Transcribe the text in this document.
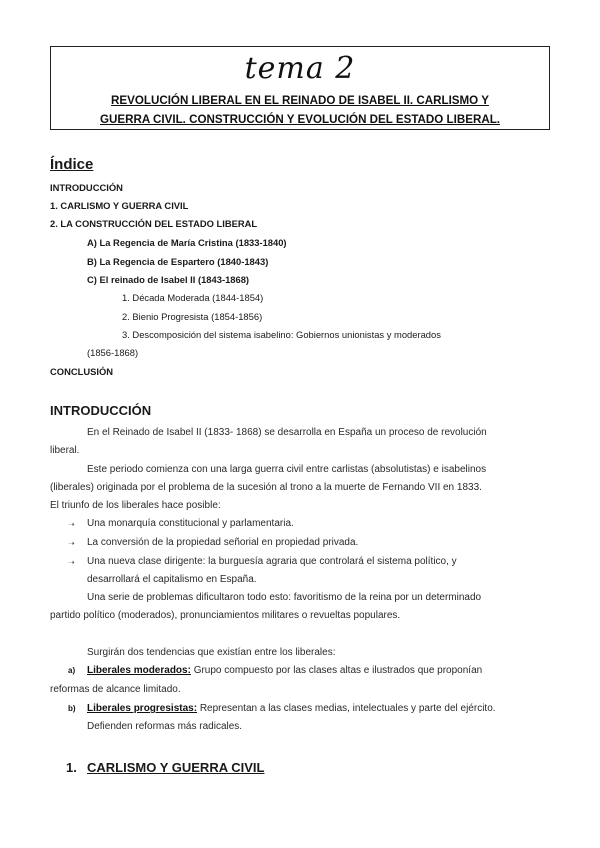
tema 2
REVOLUCIÓN LIBERAL EN EL REINADO DE ISABEL II. CARLISMO Y
GUERRA CIVIL. CONSTRUCCIÓN Y EVOLUCIÓN DEL ESTADO LIBERAL.
Índice
INTRODUCCIÓN
1. CARLISMO Y GUERRA CIVIL
2. LA CONSTRUCCIÓN DEL ESTADO LIBERAL
A) La Regencia de María Cristina (1833-1840)
B) La Regencia de Espartero (1840-1843)
C) El reinado de Isabel II (1843-1868)
1. Década Moderada (1844-1854)
2. Bienio Progresista (1854-1856)
3. Descomposición del sistema isabelino: Gobiernos unionistas y moderados
(1856-1868)
CONCLUSIÓN
INTRODUCCIÓN
En el Reinado de Isabel II (1833- 1868) se desarrolla en España un proceso de revolución
liberal.
Este periodo comienza con una larga guerra civil entre carlistas (absolutistas) e isabelinos
(liberales) originada por el problema de la sucesión al trono a la muerte de Fernando VII en 1833.
El triunfo de los liberales hace posible:
➝ Una monarquía constitucional y parlamentaria.
➝ La conversión de la propiedad señorial en propiedad privada.
➝ Una nueva clase dirigente: la burguesía agraria que controlará el sistema político, y
desarrollará el capitalismo en España.
Una serie de problemas dificultaron todo esto: favoritismo de la reina por un determinado
partido político (moderados), pronunciamientos militares o revueltas populares.
Surgirán dos tendencias que existían entre los liberales:
a) Liberales moderados: Grupo compuesto por las clases altas e ilustrados que proponían
reformas de alcance limitado.
b) Liberales progresistas: Representan a las clases medias, intelectuales y parte del ejército.
Defienden reformas más radicales.
1. CARLISMO Y GUERRA CIVIL
